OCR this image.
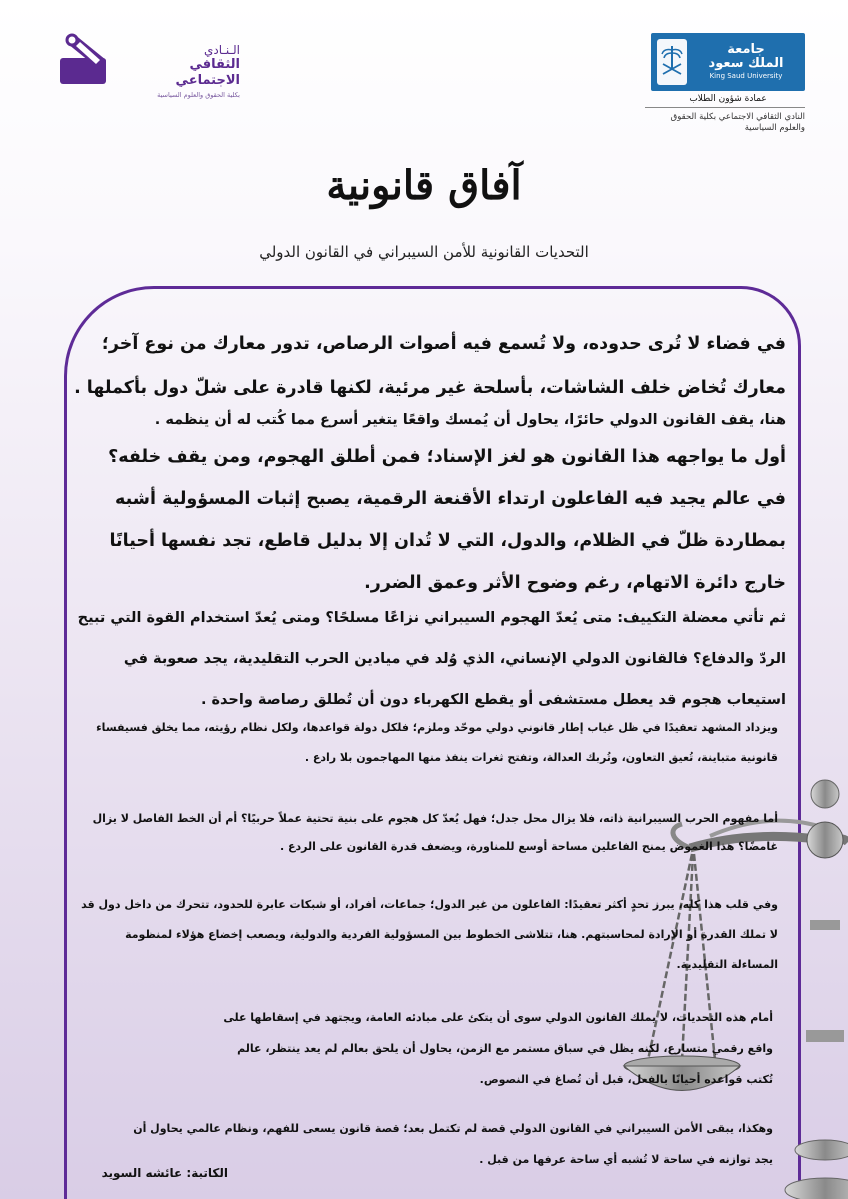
جامعة
الملك سعود
King Saud University
عمادة شؤون الطلاب
النادي الثقافي الاجتماعي بكلية الحقوق والعلوم السياسية
الـنـادي
الثقافي الاجتماعي
بكلية الحقوق والعلوم السياسية
آفاق قانونية
التحديات القانونية للأمن السيبراني في القانون الدولي

في فضاء لا تُرى حدوده، ولا تُسمع فيه أصوات الرصاص، تدور معارك من نوع آخر؛ معارك تُخاض خلف الشاشات، بأسلحة غير مرئية، لكنها قادرة على شلّ دول بأكملها .

هنا، يقف القانون الدولي حائرًا، يحاول أن يُمسك واقعًا يتغير أسرع مما كُتب له أن ينظمه .

أول ما يواجهه هذا القانون هو لغز الإسناد؛ فمن أطلق الهجوم، ومن يقف خلفه؟ في عالم يجيد فيه الفاعلون ارتداء الأقنعة الرقمية، يصبح إثبات المسؤولية أشبه بمطاردة ظلّ في الظلام، والدول، التي لا تُدان إلا بدليل قاطع، تجد نفسها أحيانًا خارج دائرة الاتهام، رغم وضوح الأثر وعمق الضرر.

ثم تأتي معضلة التكييف: متى يُعدّ الهجوم السيبراني نزاعًا مسلحًا؟ ومتى يُعدّ استخدام القوة التي تبيح الردّ والدفاع؟ فالقانون الدولي الإنساني، الذي وُلد في ميادين الحرب التقليدية، يجد صعوبة في استيعاب هجوم قد يعطل مستشفى أو يقطع الكهرباء دون أن تُطلق رصاصة واحدة .

ويزداد المشهد تعقيدًا في ظل غياب إطار قانوني دولي موحّد وملزم؛ فلكل دولة قواعدها، ولكل نظام رؤيته، مما يخلق فسيفساء قانونية متباينة، تُعيق التعاون، وتُربك العدالة، وتفتح ثغرات ينفذ منها المهاجمون بلا رادع .

أما مفهوم الحرب السيبرانية ذاته، فلا يزال محل جدل؛ فهل يُعدّ كل هجوم على بنية تحتية عملاً حربيًا؟ أم أن الخط الفاصل لا يزال غامضًا؟ هذا الغموض يمنح الفاعلين مساحة أوسع للمناورة، ويضعف قدرة القانون على الردع .

وفي قلب هذا كله، يبرز تحدٍ أكثر تعقيدًا: الفاعلون من غير الدول؛ جماعات، أفراد، أو شبكات عابرة للحدود، تتحرك من داخل دول قد لا تملك القدرة أو الإرادة لمحاسبتهم. هنا، تتلاشى الخطوط بين المسؤولية الفردية والدولية، ويصعب إخضاع هؤلاء لمنظومة المساءلة التقليدية.

أمام هذه التحديات، لا يملك القانون الدولي سوى أن يتكئ على مبادئه العامة، ويجتهد في إسقاطها على واقع رقمي متسارع، لكنه يظل في سباق مستمر مع الزمن، يحاول أن يلحق بعالم لم يعد ينتظر، عالم تُكتب قواعده أحيانًا بالفعل، قبل أن تُصاغ في النصوص.

وهكذا، يبقى الأمن السيبراني في القانون الدولي قصة لم تكتمل بعد؛ قصة قانون يسعى للفهم، ونظام عالمي يحاول أن يجد توازنه في ساحة لا تُشبه أي ساحة عرفها من قبل .

الكاتبة: عائشه السويد
